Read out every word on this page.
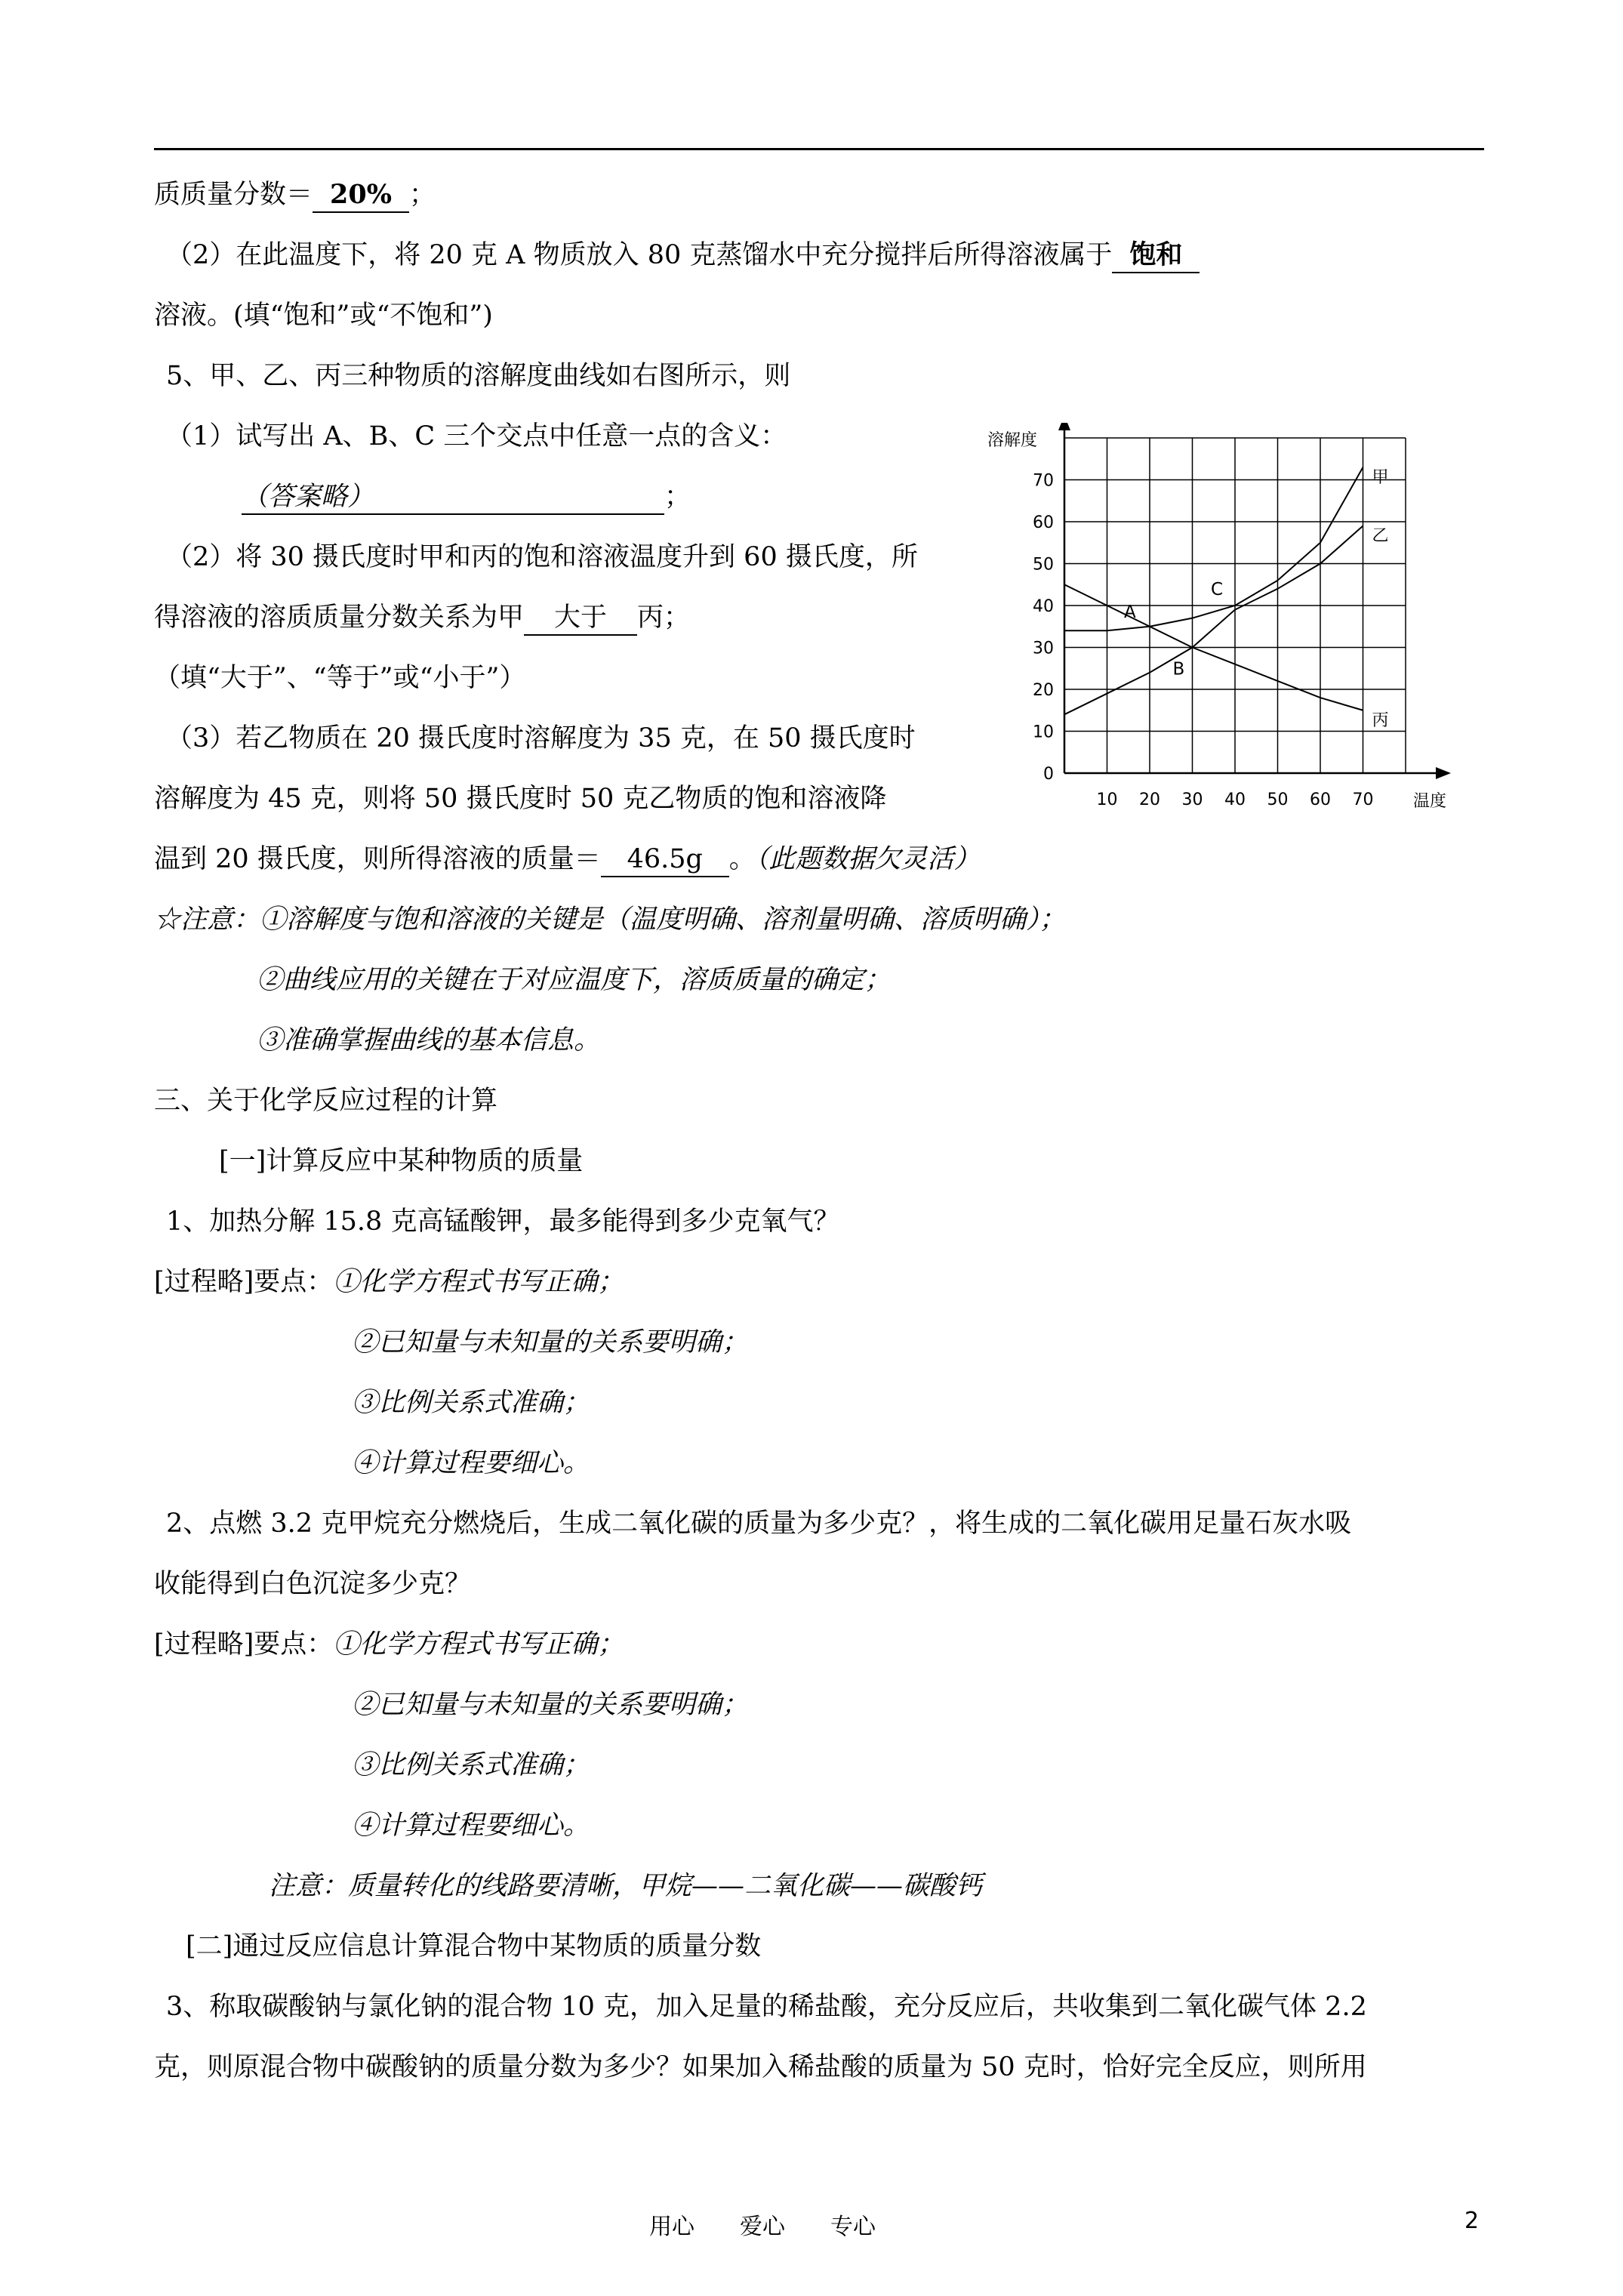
质质量分数＝ 20% ；
（2）在此温度下，将 20 克 A 物质放入 80 克蒸馏水中充分搅拌后所得溶液属于 饱和
溶液。(填“饱和”或“不饱和”)
5、甲、乙、丙三种物质的溶解度曲线如右图所示，则
（1）试写出 A、B、C 三个交点中任意一点的含义：
（答案略）	；
（2）将 30 摄氏度时甲和丙的饱和溶液温度升到 60 摄氏度，所
得溶液的溶质质量分数关系为甲 大于 丙；
（填“大于”、“等于”或“小于”）
（3）若乙物质在 20 摄氏度时溶解度为 35 克，在 50 摄氏度时
溶解度为 45 克，则将 50 摄氏度时 50 克乙物质的饱和溶液降
温到 20 摄氏度，则所得溶液的质量＝ 46.5g 。（此题数据欠灵活）
☆注意：①溶解度与饱和溶液的关键是（温度明确、溶剂量明确、溶质明确）；
②曲线应用的关键在于对应温度下，溶质质量的确定；
③准确掌握曲线的基本信息。
三、关于化学反应过程的计算
[一]计算反应中某种物质的质量
1、加热分解 15.8 克高锰酸钾，最多能得到多少克氧气？
[过程略]要点：①化学方程式书写正确；
②已知量与未知量的关系要明确；
③比例关系式准确；
④计算过程要细心。
2、点燃 3.2 克甲烷充分燃烧后，生成二氧化碳的质量为多少克？，将生成的二氧化碳用足量石灰水吸
收能得到白色沉淀多少克？
[过程略]要点：①化学方程式书写正确；
②已知量与未知量的关系要明确；
③比例关系式准确；
④计算过程要细心。
注意：质量转化的线路要清晰，甲烷——二氧化碳——碳酸钙
[二]通过反应信息计算混合物中某物质的质量分数
3、称取碳酸钠与氯化钠的混合物 10 克，加入足量的稀盐酸，充分反应后，共收集到二氧化碳气体 2.2
克，则原混合物中碳酸钠的质量分数为多少？如果加入稀盐酸的质量为 50 克时，恰好完全反应，则所用
用心　　爱心　　专心	2
0
10
20
30
40
50
60
70
10 20 30 40 50 60 70
溶解度
温度
甲
乙
丙
A
B
C
